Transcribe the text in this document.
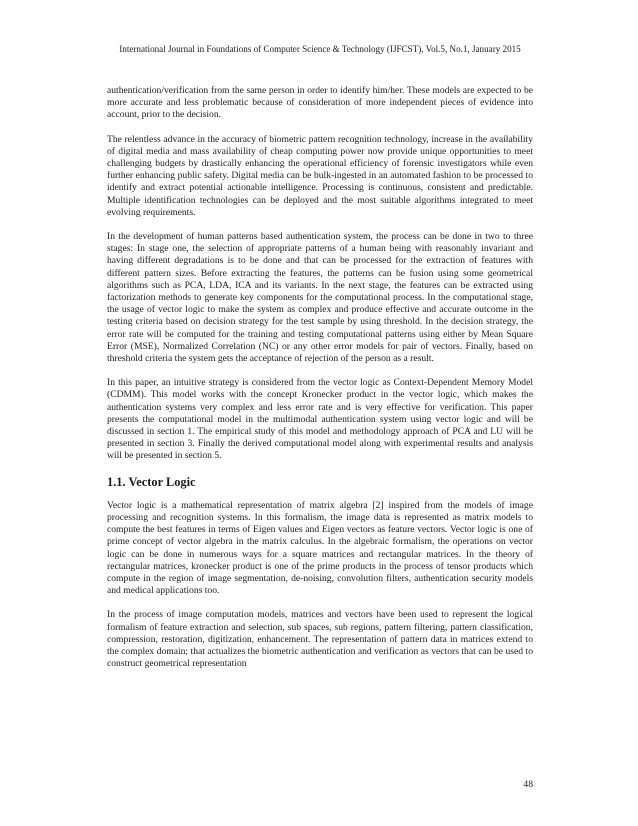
International Journal in Foundations of Computer Science & Technology (IJFCST), Vol.5, No.1, January 2015

authentication/verification from the same person in order to identify him/her. These models are expected to be more accurate and less problematic because of consideration of more independent pieces of evidence into account, prior to the decision.

The relentless advance in the accuracy of biometric pattern recognition technology, increase in the availability of digital media and mass availability of cheap computing power now provide unique opportunities to meet challenging budgets by drastically enhancing the operational efficiency of forensic investigators while even further enhancing public safety. Digital media can be bulk-ingested in an automated fashion to be processed to identify and extract potential actionable intelligence. Processing is continuous, consistent and predictable. Multiple identification technologies can be deployed and the most suitable algorithms integrated to meet evolving requirements.

In the development of human patterns based authentication system, the process can be done in two to three stages: In stage one, the selection of appropriate patterns of a human being with reasonably invariant and having different degradations is to be done and that can be processed for the extraction of features with different pattern sizes. Before extracting the features, the patterns can be fusion using some geometrical algorithms such as PCA, LDA, ICA and its variants. In the next stage, the features can be extracted using factorization methods to generate key components for the computational process. In the computational stage, the usage of vector logic to make the system as complex and produce effective and accurate outcome in the testing criteria based on decision strategy for the test sample by using threshold. In the decision strategy, the error rate will be computed for the training and testing computational patterns using either by Mean Square Error (MSE), Normalized Correlation (NC) or any other error models for pair of vectors. Finally, based on threshold criteria the system gets the acceptance of rejection of the person as a result.

In this paper, an intuitive strategy is considered from the vector logic as Context-Dependent Memory Model (CDMM). This model works with the concept Kronecker product in the vector logic, which makes the authentication systems very complex and less error rate and is very effective for verification. This paper presents the computational model in the multimodal authentication system using vector logic and will be discussed in section 1. The empirical study of this model and methodology approach of PCA and LU will be presented in section 3. Finally the derived computational model along with experimental results and analysis will be presented in section 5.

1.1. Vector Logic

Vector logic is a mathematical representation of matrix algebra [2] inspired from the models of image processing and recognition systems. In this formalism, the image data is represented as matrix models to compute the best features in terms of Eigen values and Eigen vectors as feature vectors. Vector logic is one of prime concept of vector algebra in the matrix calculus. In the algebraic formalism, the operations on vector logic can be done in numerous ways for a square matrices and rectangular matrices. In the theory of rectangular matrices, kronecker product is one of the prime products in the process of tensor products which compute in the region of image segmentation, de-noising, convolution filters, authentication security models and medical applications too.

In the process of image computation models, matrices and vectors have been used to represent the logical formalism of feature extraction and selection, sub spaces, sub regions, pattern filtering, pattern classification, compression, restoration, digitization, enhancement. The representation of pattern data in matrices extend to the complex domain; that actualizes the biometric authentication and verification as vectors that can be used to construct geometrical representation

48
